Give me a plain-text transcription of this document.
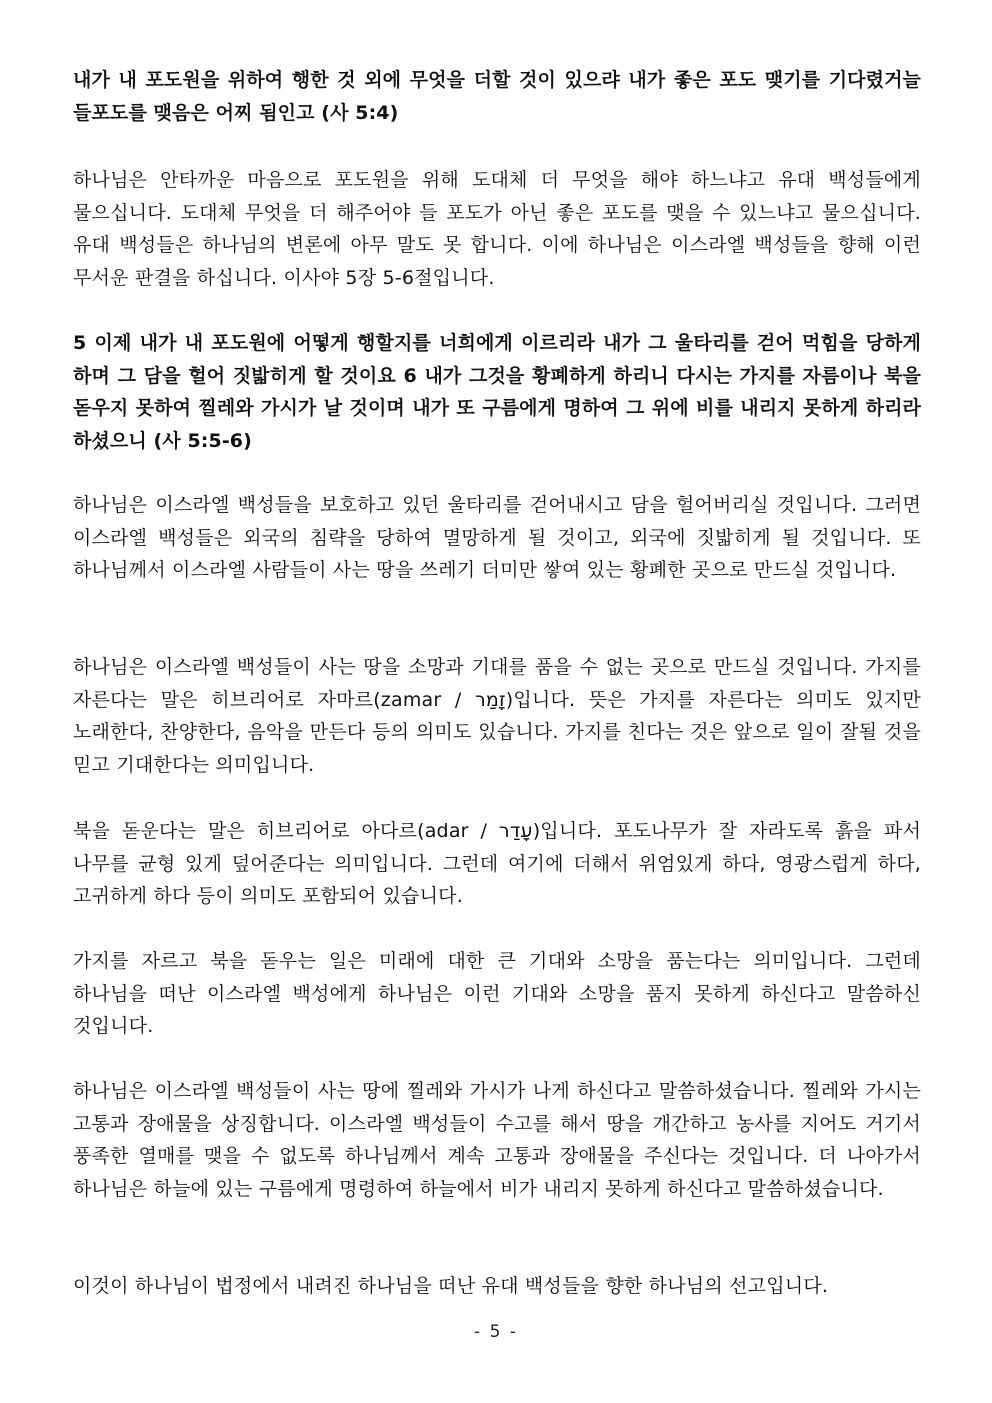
내가 내 포도원을 위하여 행한 것 외에 무엇을 더할 것이 있으랴 내가 좋은 포도 맺기를 기다렸거늘 들포도를 맺음은 어찌 됨인고 (사 5:4)

하나님은 안타까운 마음으로 포도원을 위해 도대체 더 무엇을 해야 하느냐고 유대 백성들에게 물으십니다. 도대체 무엇을 더 해주어야 들 포도가 아닌 좋은 포도를 맺을 수 있느냐고 물으십니다. 유대 백성들은 하나님의 변론에 아무 말도 못 합니다. 이에 하나님은 이스라엘 백성들을 향해 이런 무서운 판결을 하십니다. 이사야 5장 5-6절입니다.

5 이제 내가 내 포도원에 어떻게 행할지를 너희에게 이르리라 내가 그 울타리를 걷어 먹힘을 당하게 하며 그 담을 헐어 짓밟히게 할 것이요 6 내가 그것을 황폐하게 하리니 다시는 가지를 자름이나 북을 돋우지 못하여 찔레와 가시가 날 것이며 내가 또 구름에게 명하여 그 위에 비를 내리지 못하게 하리라 하셨으니 (사 5:5-6)

하나님은 이스라엘 백성들을 보호하고 있던 울타리를 걷어내시고 담을 헐어버리실 것입니다. 그러면 이스라엘 백성들은 외국의 침략을 당하여 멸망하게 될 것이고, 외국에 짓밟히게 될 것입니다. 또 하나님께서 이스라엘 사람들이 사는 땅을 쓰레기 더미만 쌓여 있는 황폐한 곳으로 만드실 것입니다.

하나님은 이스라엘 백성들이 사는 땅을 소망과 기대를 품을 수 없는 곳으로 만드실 것입니다. 가지를 자른다는 말은 히브리어로 자마르(zamar / זָמַר)입니다. 뜻은 가지를 자른다는 의미도 있지만 노래한다, 찬양한다, 음악을 만든다 등의 의미도 있습니다. 가지를 친다는 것은 앞으로 일이 잘될 것을 믿고 기대한다는 의미입니다.

북을 돋운다는 말은 히브리어로 아다르(adar / עָדַר)입니다. 포도나무가 잘 자라도록 흙을 파서 나무를 균형 있게 덮어준다는 의미입니다. 그런데 여기에 더해서 위엄있게 하다, 영광스럽게 하다, 고귀하게 하다 등이 의미도 포함되어 있습니다.

가지를 자르고 북을 돋우는 일은 미래에 대한 큰 기대와 소망을 품는다는 의미입니다. 그런데 하나님을 떠난 이스라엘 백성에게 하나님은 이런 기대와 소망을 품지 못하게 하신다고 말씀하신 것입니다.

하나님은 이스라엘 백성들이 사는 땅에 찔레와 가시가 나게 하신다고 말씀하셨습니다. 찔레와 가시는 고통과 장애물을 상징합니다. 이스라엘 백성들이 수고를 해서 땅을 개간하고 농사를 지어도 거기서 풍족한 열매를 맺을 수 없도록 하나님께서 계속 고통과 장애물을 주신다는 것입니다. 더 나아가서 하나님은 하늘에 있는 구름에게 명령하여 하늘에서 비가 내리지 못하게 하신다고 말씀하셨습니다.

이것이 하나님이 법정에서 내려진 하나님을 떠난 유대 백성들을 향한 하나님의 선고입니다.

- 5 -
